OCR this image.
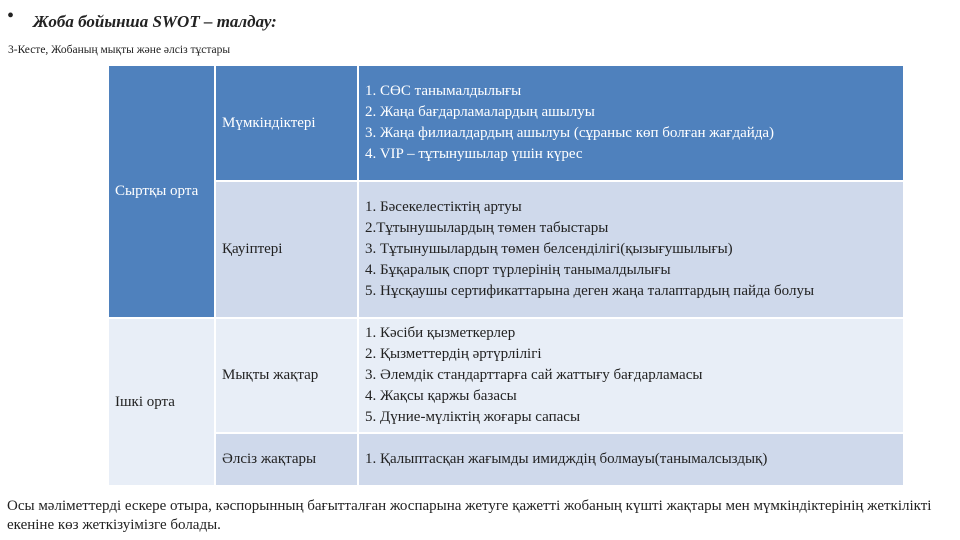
• Жоба бойынша SWOT – талдау:
3-Кесте, Жобаның мықты және әлсіз тұстары
Сыртқы орта	Мүмкіндіктері	1. СӨС танымалдылығы
2. Жаңа бағдарламалардың ашылуы
3. Жаңа филиалдардың ашылуы (сұраныс көп болған жағдайда)
4. VIP – тұтынушылар үшін күрес

	Қауіптері	1. Бәсекелестіктің артуы
2.Тұтынушылардың төмен табыстары
3. Тұтынушылардың төмен белсенділігі(қызығушылығы)
4. Бұқаралық спорт түрлерінің танымалдылығы
5. Нұсқаушы сертификаттарына деген жаңа талаптардың пайда болуы

Ішкі орта	Мықты жақтар	1. Кәсіби қызметкерлер
2. Қызметтердің әртүрлілігі
3. Әлемдік стандарттарға сай жаттығу бағдарламасы
4. Жақсы қаржы базасы
5. Дүние-мүліктің жоғары сапасы

	Әлсіз жақтары	1. Қалыптасқан жағымды имидждің болмауы(танымалсыздық)
Осы мәліметтерді ескере отыра, кәспорынның бағытталған жоспарына жетуге қажетті жобаның күшті жақтары мен мүмкіндіктерінің жеткілікті екеніне көз жеткізуімізге болады.
